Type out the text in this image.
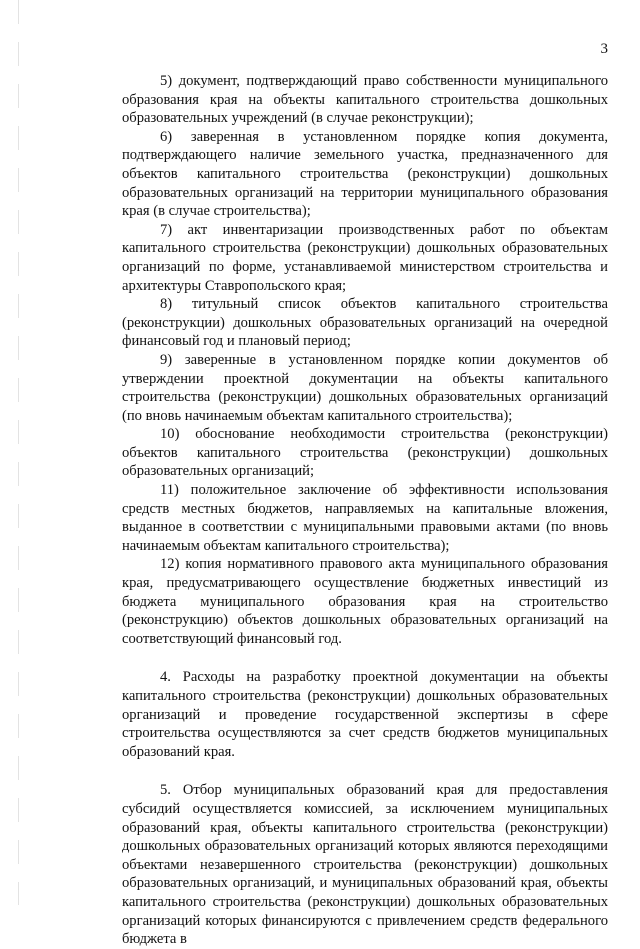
3

5) документ, подтверждающий право собственности муниципального образования края на объекты капитального строительства дошкольных образовательных учреждений (в случае реконструкции);

6) заверенная в установленном порядке копия документа, подтверждающего наличие земельного участка, предназначенного для объектов капитального строительства (реконструкции) дошкольных образовательных организаций на территории муниципального образования края (в случае строительства);

7) акт инвентаризации производственных работ по объектам капитального строительства (реконструкции) дошкольных образовательных организаций по форме, устанавливаемой министерством строительства и архитектуры Ставропольского края;

8) титульный список объектов капитального строительства (реконструкции) дошкольных образовательных организаций на очередной финансовый год и плановый период;

9) заверенные в установленном порядке копии документов об утверждении проектной документации на объекты капитального строительства (реконструкции) дошкольных образовательных организаций (по вновь начинаемым объектам капитального строительства);

10) обоснование необходимости строительства (реконструкции) объектов капитального строительства (реконструкции) дошкольных образовательных организаций;

11) положительное заключение об эффективности использования средств местных бюджетов, направляемых на капитальные вложения, выданное в соответствии с муниципальными правовыми актами (по вновь начинаемым объектам капитального строительства);

12) копия нормативного правового акта муниципального образования края, предусматривающего осуществление бюджетных инвестиций из бюджета муниципального образования края на строительство (реконструкцию) объектов дошкольных образовательных организаций на соответствующий финансовый год.

4. Расходы на разработку проектной документации на объекты капитального строительства (реконструкции) дошкольных образовательных организаций и проведение государственной экспертизы в сфере строительства осуществляются за счет средств бюджетов муниципальных образований края.

5. Отбор муниципальных образований края для предоставления субсидий осуществляется комиссией, за исключением муниципальных образований края, объекты капитального строительства (реконструкции) дошкольных образовательных организаций которых являются переходящими объектами незавершенного строительства (реконструкции) дошкольных образовательных организаций, и муниципальных образований края, объекты капитального строительства (реконструкции) дошкольных образовательных организаций которых финансируются с привлечением средств федерального бюджета в
